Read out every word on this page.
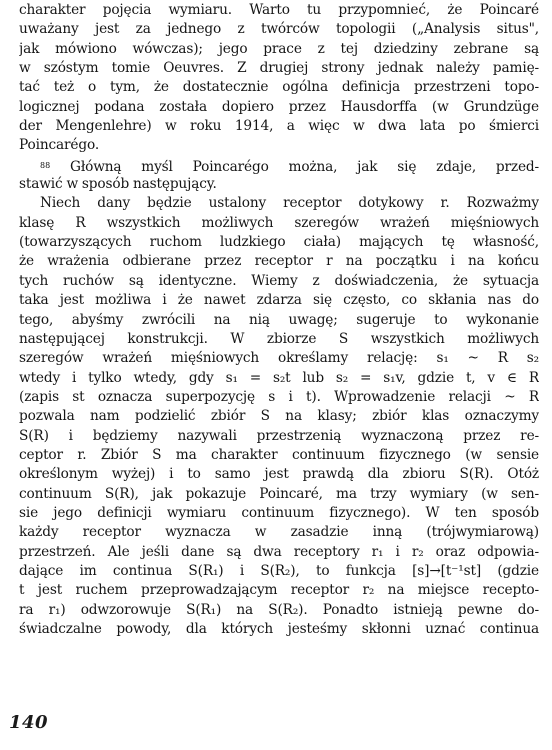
charakter pojęcia wymiaru. Warto tu przypomnieć, że Poincaré
uważany jest za jednego z twórców topologii („Analysis situs",
jak mówiono wówczas); jego prace z tej dziedziny zebrane są
w szóstym tomie Oeuvres. Z drugiej strony jednak należy pamię-
tać też o tym, że dostatecznie ogólna definicja przestrzeni topo-
logicznej podana została dopiero przez Hausdorffa (w Grundzüge
der Mengenlehre) w roku 1914, a więc w dwa lata po śmierci
Poincarégo.
$^{88}$ Główną myśl Poincarégo można, jak się zdaje, przed-
stawić w sposób następujący.
Niech dany będzie ustalony receptor dotykowy r. Rozważmy
klasę R wszystkich możliwych szeregów wrażeń mięśniowych
(towarzyszących ruchom ludzkiego ciała) mających tę własność,
że wrażenia odbierane przez receptor r na początku i na końcu
tych ruchów są identyczne. Wiemy z doświadczenia, że sytuacja
taka jest możliwa i że nawet zdarza się często, co skłania nas do
tego, abyśmy zwrócili na nią uwagę; sugeruje to wykonanie
następującej konstrukcji. W zbiorze S wszystkich możliwych
szeregów wrażeń mięśniowych określamy relację: s₁ ~ R s₂
wtedy i tylko wtedy, gdy s₁ = s₂t lub s₂ = s₁v, gdzie t, v ∈ R
(zapis st oznacza superpozycję s i t). Wprowadzenie relacji ~ R
pozwala nam podzielić zbiór S na klasy; zbiór klas oznaczymy
S(R) i będziemy nazywali przestrzenią wyznaczoną przez re-
ceptor r. Zbiór S ma charakter continuum fizycznego (w sensie
określonym wyżej) i to samo jest prawdą dla zbioru S(R). Otóż
continuum S(R), jak pokazuje Poincaré, ma trzy wymiary (w sen-
sie jego definicji wymiaru continuum fizycznego). W ten sposób
każdy receptor wyznacza w zasadzie inną (trójwymiarową)
przestrzeń. Ale jeśli dane są dwa receptory r₁ i r₂ oraz odpowia-
dające im continua S(R₁) i S(R₂), to funkcja [s]→[t⁻¹st] (gdzie
t jest ruchem przeprowadzającym receptor r₂ na miejsce recepto-
ra r₁) odwzorowuje S(R₁) na S(R₂). Ponadto istnieją pewne do-
świadczalne powody, dla których jesteśmy skłonni uznać continua
140
